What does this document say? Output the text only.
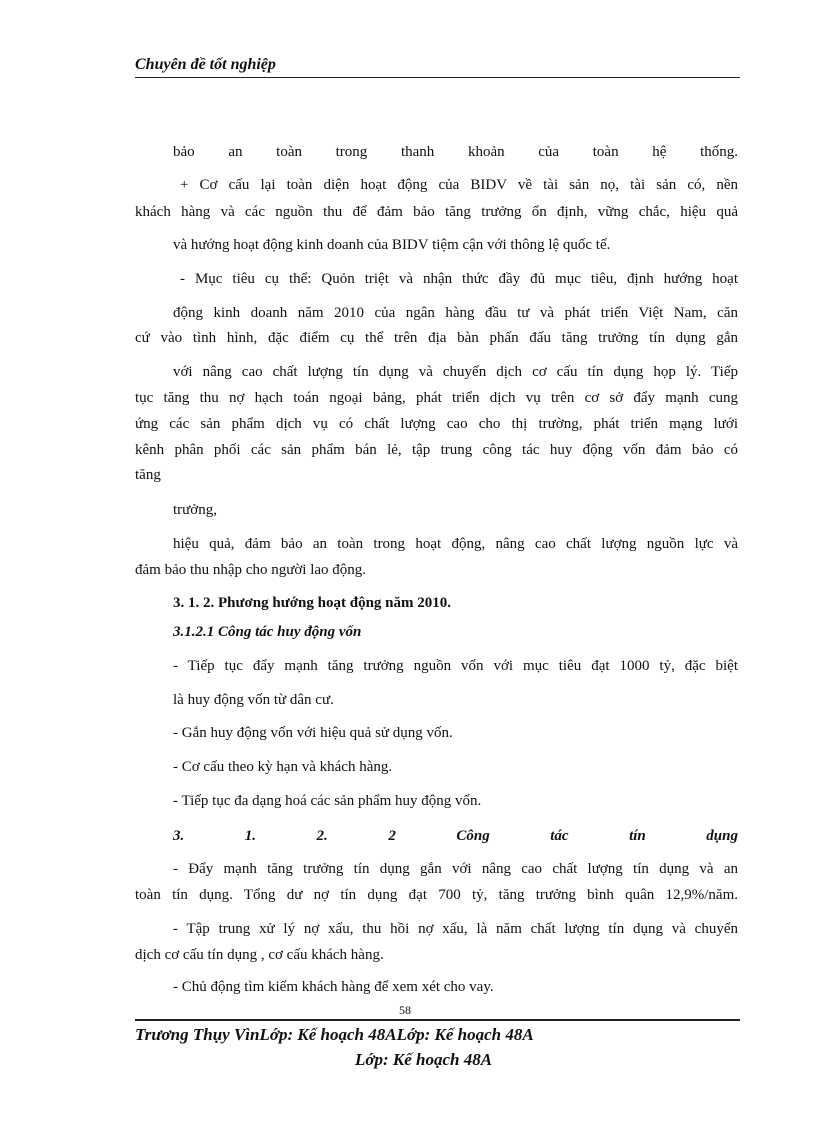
Chuyên đề tốt nghiệp
bảo an toàn trong thanh khoản của toàn hệ thống.
+ Cơ cấu lại toàn diện hoạt động của BIDV về tài sản nọ, tài sản có, nền
khách hàng và các nguồn thu để đảm bảo tăng trưởng ổn định, vững chắc, hiệu quả
và hướng hoạt động kinh doanh của BIDV tiệm cận với thông lệ quốc tế.
- Mục tiêu cụ thể: Quỏn triệt và nhận thức đầy đủ mục tiêu, định hướng hoạt
động kinh doanh năm 2010 của ngân hàng đầu tư và phát triển Việt Nam, căn
cứ vào tình hình, đặc điểm cụ thể trên địa bàn phấn đấu tăng trưởng tín dụng gắn
với nâng cao chất lượng tín dụng và chuyển dịch cơ cấu tín dụng họp lý. Tiếp
tục tăng thu nợ hạch toán ngoại bảng, phát triển dịch vụ trên cơ sở đẩy mạnh cung
ứng các sản phẩm dịch vụ có chất lượng cao cho thị trường, phát triển mạng lưới
kênh phân phối các sản phẩm bán lẻ, tập trung công tác huy động vốn đảm bảo có
tăng
trưởng,
hiệu quả, đảm bảo an toàn trong hoạt động, nâng cao chất lượng nguồn lực và
đảm bảo thu nhập cho người lao động.
3. 1. 2. Phương hướng hoạt động năm 2010.
3.1.2.1 Công tác huy động vốn
- Tiếp tục đẩy mạnh tăng trưởng nguồn vốn với mục tiêu đạt 1000 tỷ, đặc biệt
là huy động vốn từ dân cư.
- Gắn huy động vốn với hiệu quả sử dụng vốn.
- Cơ cấu theo kỳ hạn và khách hàng.
- Tiếp tục đa dạng hoá các sản phẩm huy động vốn.
3. 1. 2. 2 Công tác tín dụng
- Đẩy mạnh tăng trưởng tín dụng gắn với nâng cao chất lượng tín dụng và an
toàn tín dụng. Tổng dư nợ tín dụng đạt 700 tỷ, tăng trưởng bình quân 12,9%/năm.
- Tập trung xử lý nợ xấu, thu hồi nợ xấu, là năm chất lượng tín dụng và chuyển
dịch cơ cấu tín dụng , cơ cấu khách hàng.
- Chủ động tìm kiếm khách hàng để xem xét cho vay.
58
Trương Thụy VìnLớp: Kế hoạch 48ALớp: Kế hoạch 48A
Lớp: Kế hoạch 48A
